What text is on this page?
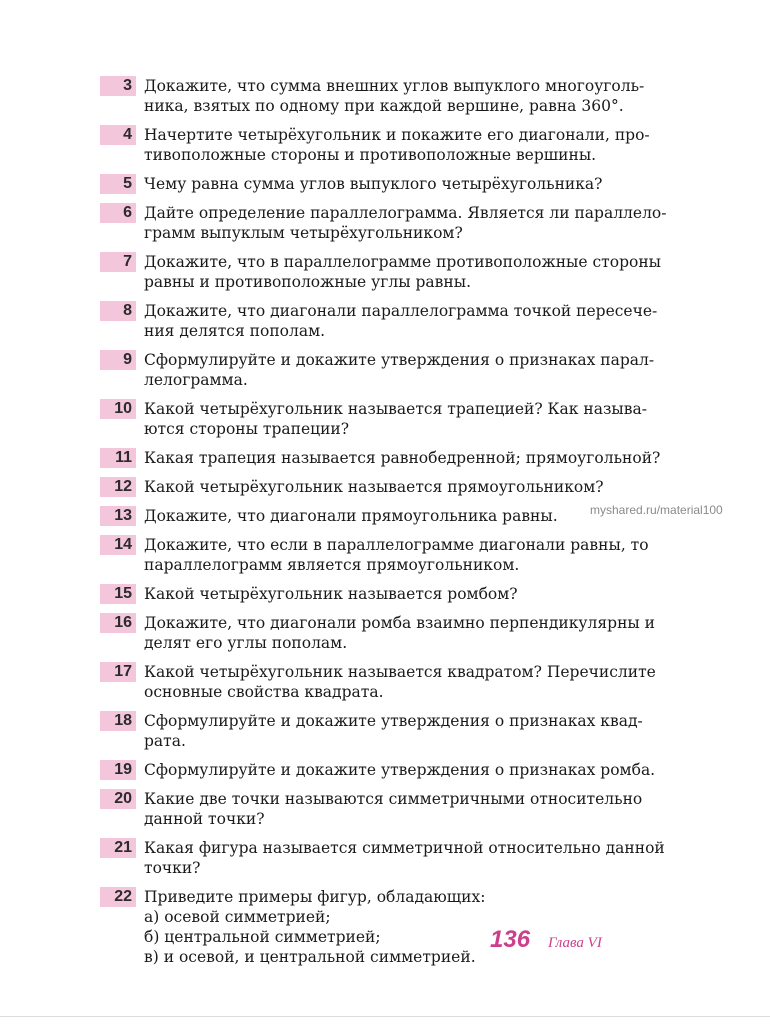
3 Докажите, что сумма внешних углов выпуклого многоуголь-
ника, взятых по одному при каждой вершине, равна 360°.
4 Начертите четырёхугольник и покажите его диагонали, про-
тивоположные стороны и противоположные вершины.
5 Чему равна сумма углов выпуклого четырёхугольника?
6 Дайте определение параллелограмма. Является ли параллело-
грамм выпуклым четырёхугольником?
7 Докажите, что в параллелограмме противоположные стороны
равны и противоположные углы равны.
8 Докажите, что диагонали параллелограмма точкой пересече-
ния делятся пополам.
9 Сформулируйте и докажите утверждения о признаках парал-
лелограмма.
10 Какой четырёхугольник называется трапецией? Как называ-
ются стороны трапеции?
11 Какая трапеция называется равнобедренной; прямоугольной?
12 Какой четырёхугольник называется прямоугольником?
13 Докажите, что диагонали прямоугольника равны.
14 Докажите, что если в параллелограмме диагонали равны, то
параллелограмм является прямоугольником.
15 Какой четырёхугольник называется ромбом?
16 Докажите, что диагонали ромба взаимно перпендикулярны и
делят его углы пополам.
17 Какой четырёхугольник называется квадратом? Перечислите
основные свойства квадрата.
18 Сформулируйте и докажите утверждения о признаках квад-
рата.
19 Сформулируйте и докажите утверждения о признаках ромба.
20 Какие две точки называются симметричными относительно
данной точки?
21 Какая фигура называется симметричной относительно данной
точки?
22 Приведите примеры фигур, обладающих:
а) осевой симметрией;
б) центральной симметрией;
в) и осевой, и центральной симметрией.
myshared.ru/material100
136 Глава VI
